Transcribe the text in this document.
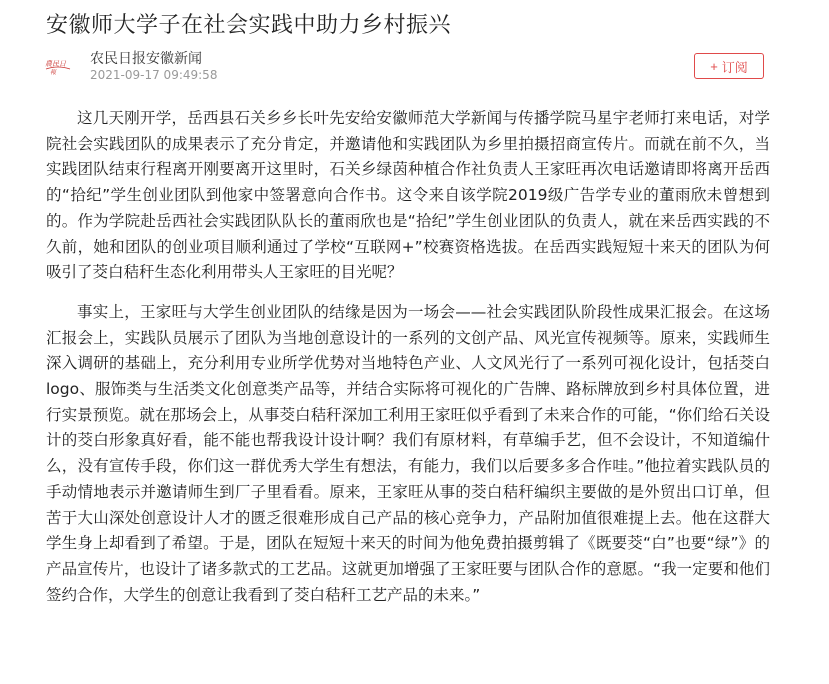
安徽师大学子在社会实践中助力乡村振兴
農民日
報
农民日报安徽新闻
2021-09-17 09:49:58
+ 订阅

这几天刚开学，岳西县石关乡乡长叶先安给安徽师范大学新闻与传播学院马星宇老师打来电话，对学院社会实践团队的成果表示了充分肯定，并邀请他和实践团队为乡里拍摄招商宣传片。而就在前不久，当实践团队结束行程离开刚要离开这里时，石关乡绿茵种植合作社负责人王家旺再次电话邀请即将离开岳西的“拾纪”学生创业团队到他家中签署意向合作书。这令来自该学院2019级广告学专业的董雨欣未曾想到的。作为学院赴岳西社会实践团队队长的董雨欣也是“拾纪”学生创业团队的负责人，就在来岳西实践的不久前，她和团队的创业项目顺利通过了学校“互联网+”校赛资格选拔。在岳西实践短短十来天的团队为何吸引了茭白秸秆生态化利用带头人王家旺的目光呢？

事实上，王家旺与大学生创业团队的结缘是因为一场会——社会实践团队阶段性成果汇报会。在这场汇报会上，实践队员展示了团队为当地创意设计的一系列的文创产品、风光宣传视频等。原来，实践师生深入调研的基础上，充分利用专业所学优势对当地特色产业、人文风光行了一系列可视化设计，包括茭白logo、服饰类与生活类文化创意类产品等，并结合实际将可视化的广告牌、路标牌放到乡村具体位置，进行实景预览。就在那场会上，从事茭白秸秆深加工利用王家旺似乎看到了未来合作的可能，“你们给石关设计的茭白形象真好看，能不能也帮我设计设计啊？我们有原材料，有草编手艺，但不会设计，不知道编什么，没有宣传手段，你们这一群优秀大学生有想法，有能力，我们以后要多多合作哇。”他拉着实践队员的手动情地表示并邀请师生到厂子里看看。原来，王家旺从事的茭白秸秆编织主要做的是外贸出口订单，但苦于大山深处创意设计人才的匮乏很难形成自己产品的核心竞争力，产品附加值很难提上去。他在这群大学生身上却看到了希望。于是，团队在短短十来天的时间为他免费拍摄剪辑了《既要茭“白”也要“绿”》的产品宣传片，也设计了诸多款式的工艺品。这就更加增强了王家旺要与团队合作的意愿。“我一定要和他们签约合作，大学生的创意让我看到了茭白秸秆工艺产品的未来。”
